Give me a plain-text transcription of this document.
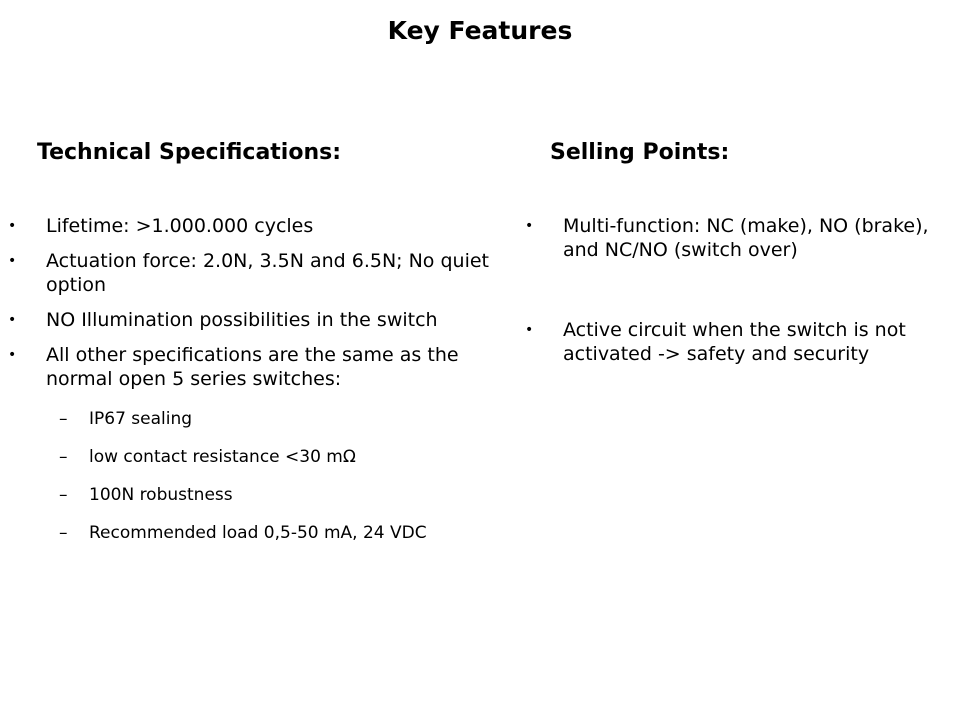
Key Features
Technical Specifications:	Selling Points:
• Lifetime: >1.000.000 cycles
• Actuation force: 2.0N, 3.5N and 6.5N; No quiet option
• NO Illumination possibilities in the switch
• All other specifications are the same as the normal open 5 series switches:
– IP67 sealing
– low contact resistance <30 mΩ
– 100N robustness
– Recommended load 0,5-50 mA, 24 VDC
• Multi-function: NC (make), NO (brake), and NC/NO (switch over)
• Active circuit when the switch is not activated -> safety and security
